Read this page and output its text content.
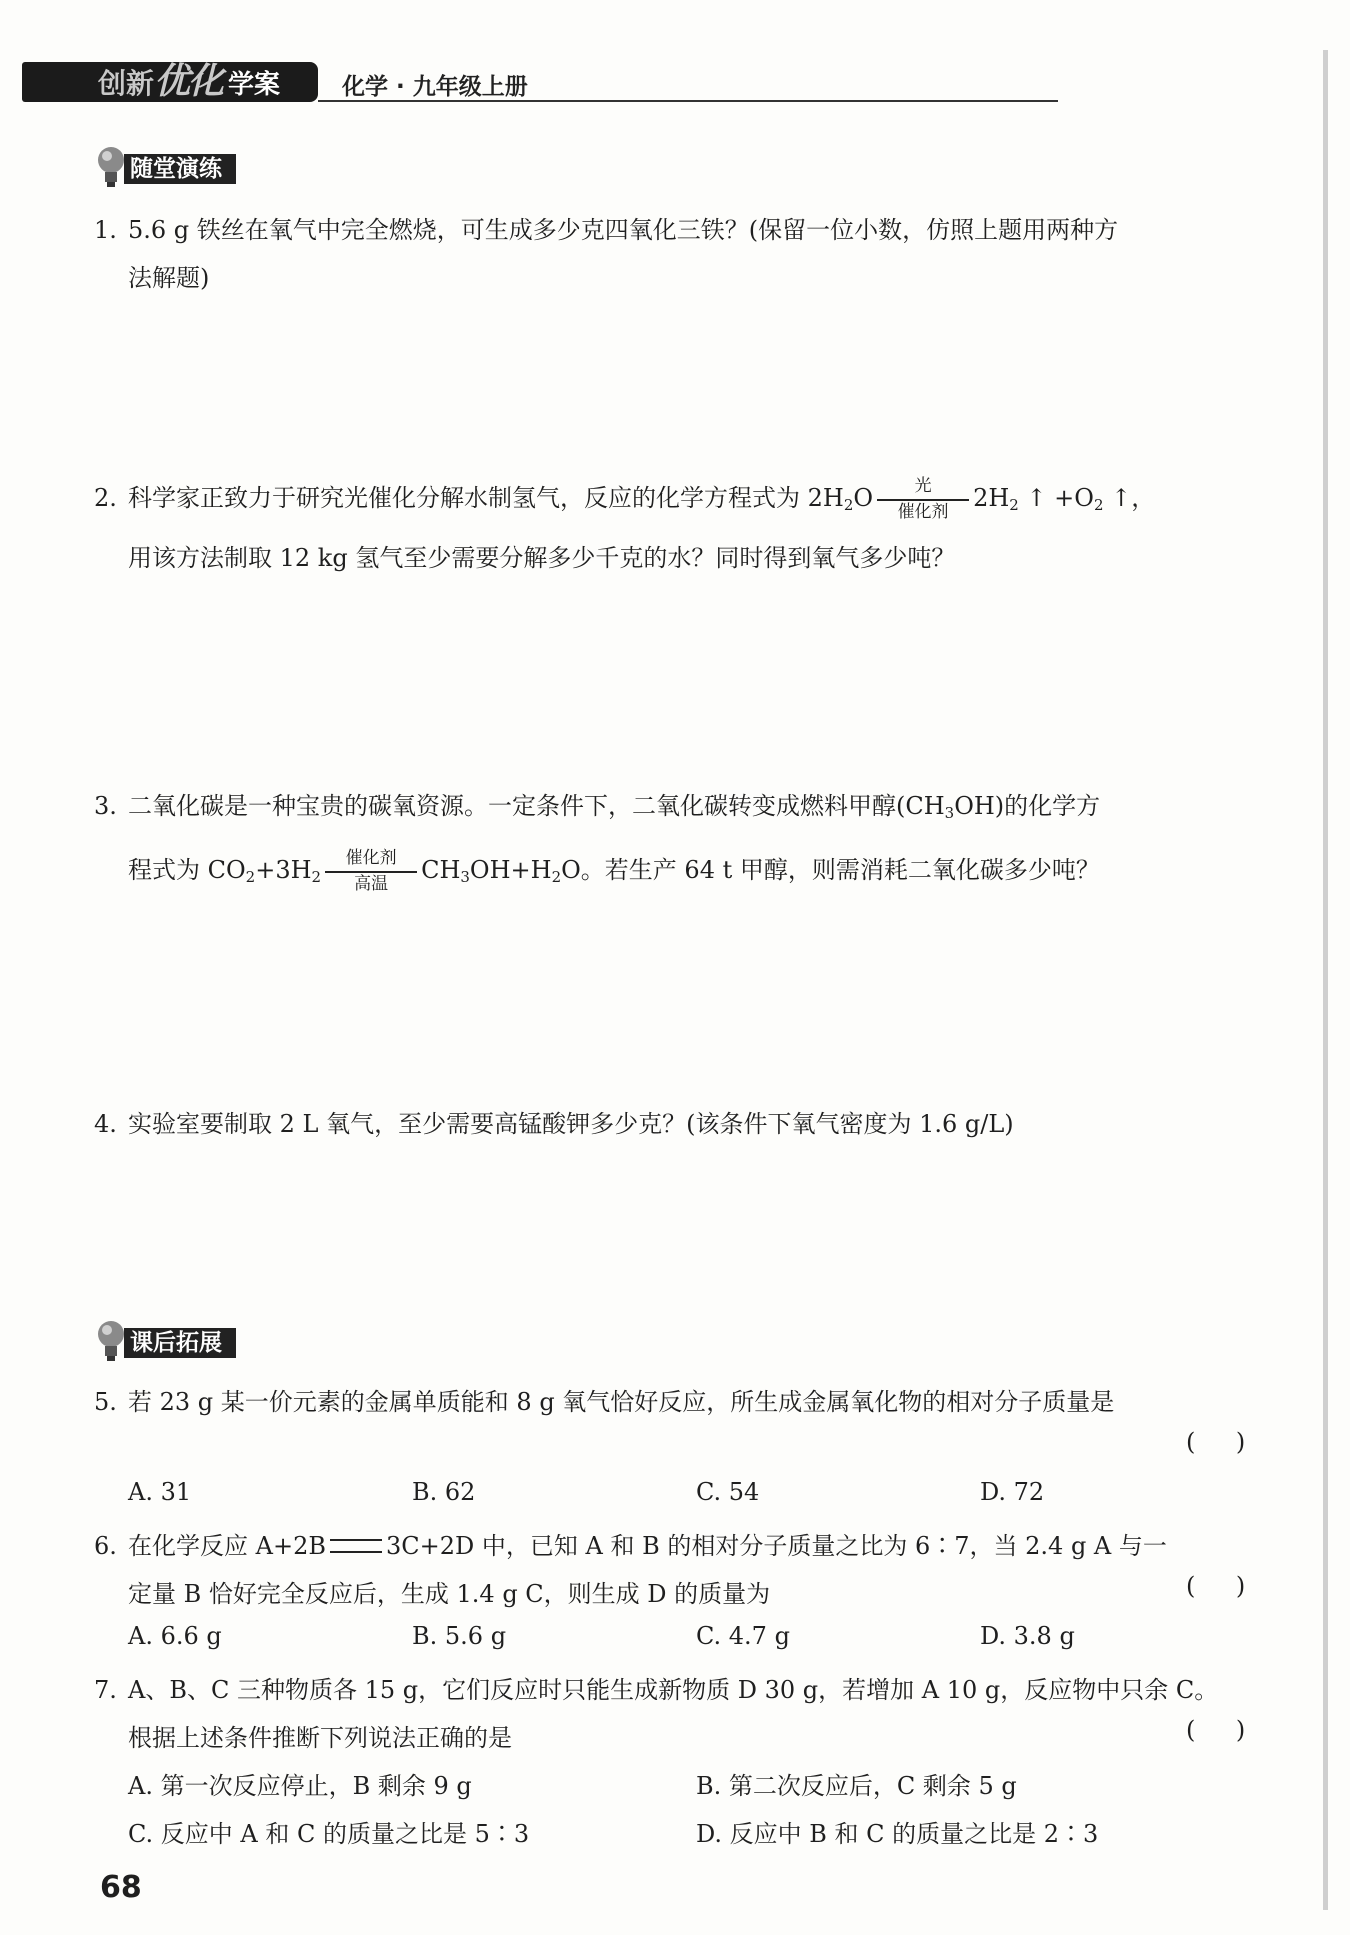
创新优化 学案	化学 · 九年级上册
随堂演练
1. 5.6 g 铁丝在氧气中完全燃烧，可生成多少克四氧化三铁？(保留一位小数，仿照上题用两种方
法解题)
2. 科学家正致力于研究光催化分解水制氢气，反应的化学方程式为 $2H_2O$	光
催化剂	$2H_2$ ↑ $+O_2$ ↑，
用该方法制取 12 kg 氢气至少需要分解多少千克的水？同时得到氧气多少吨？
3. 二氧化碳是一种宝贵的碳氧资源。一定条件下，二氧化碳转变成燃料甲醇$(CH_3OH)$的化学方
程式为 $CO_2+3H_2$
催化剂
高温	$CH_3OH+H_2O$。若生产 64 t 甲醇，则需消耗二氧化碳多少吨？
4. 实验室要制取 2 L 氧气，至少需要高锰酸钾多少克？(该条件下氧气密度为 1.6 g/L)
课后拓展
5. 若 23 g 某一价元素的金属单质能和 8 g 氧气恰好反应，所生成金属氧化物的相对分子质量是
(    )
A. 31	B. 62	C. 54	D. 72
6. 在化学反应 A+2B	3C+2D 中，已知 A 和 B 的相对分子质量之比为 6∶7，当 2.4 g A 与一
定量 B 恰好完全反应后，生成 1.4 g C，则生成 D 的质量为	(    )
A. 6.6 g	B. 5.6 g	C. 4.7 g	D. 3.8 g
7. A、B、C 三种物质各 15 g，它们反应时只能生成新物质 D 30 g，若增加 A 10 g，反应物中只余 C。
根据上述条件推断下列说法正确的是	(    )
A. 第一次反应停止，B 剩余 9 g	B. 第二次反应后，C 剩余 5 g
C. 反应中 A 和 C 的质量之比是 5∶3	D. 反应中 B 和 C 的质量之比是 2∶3
68
